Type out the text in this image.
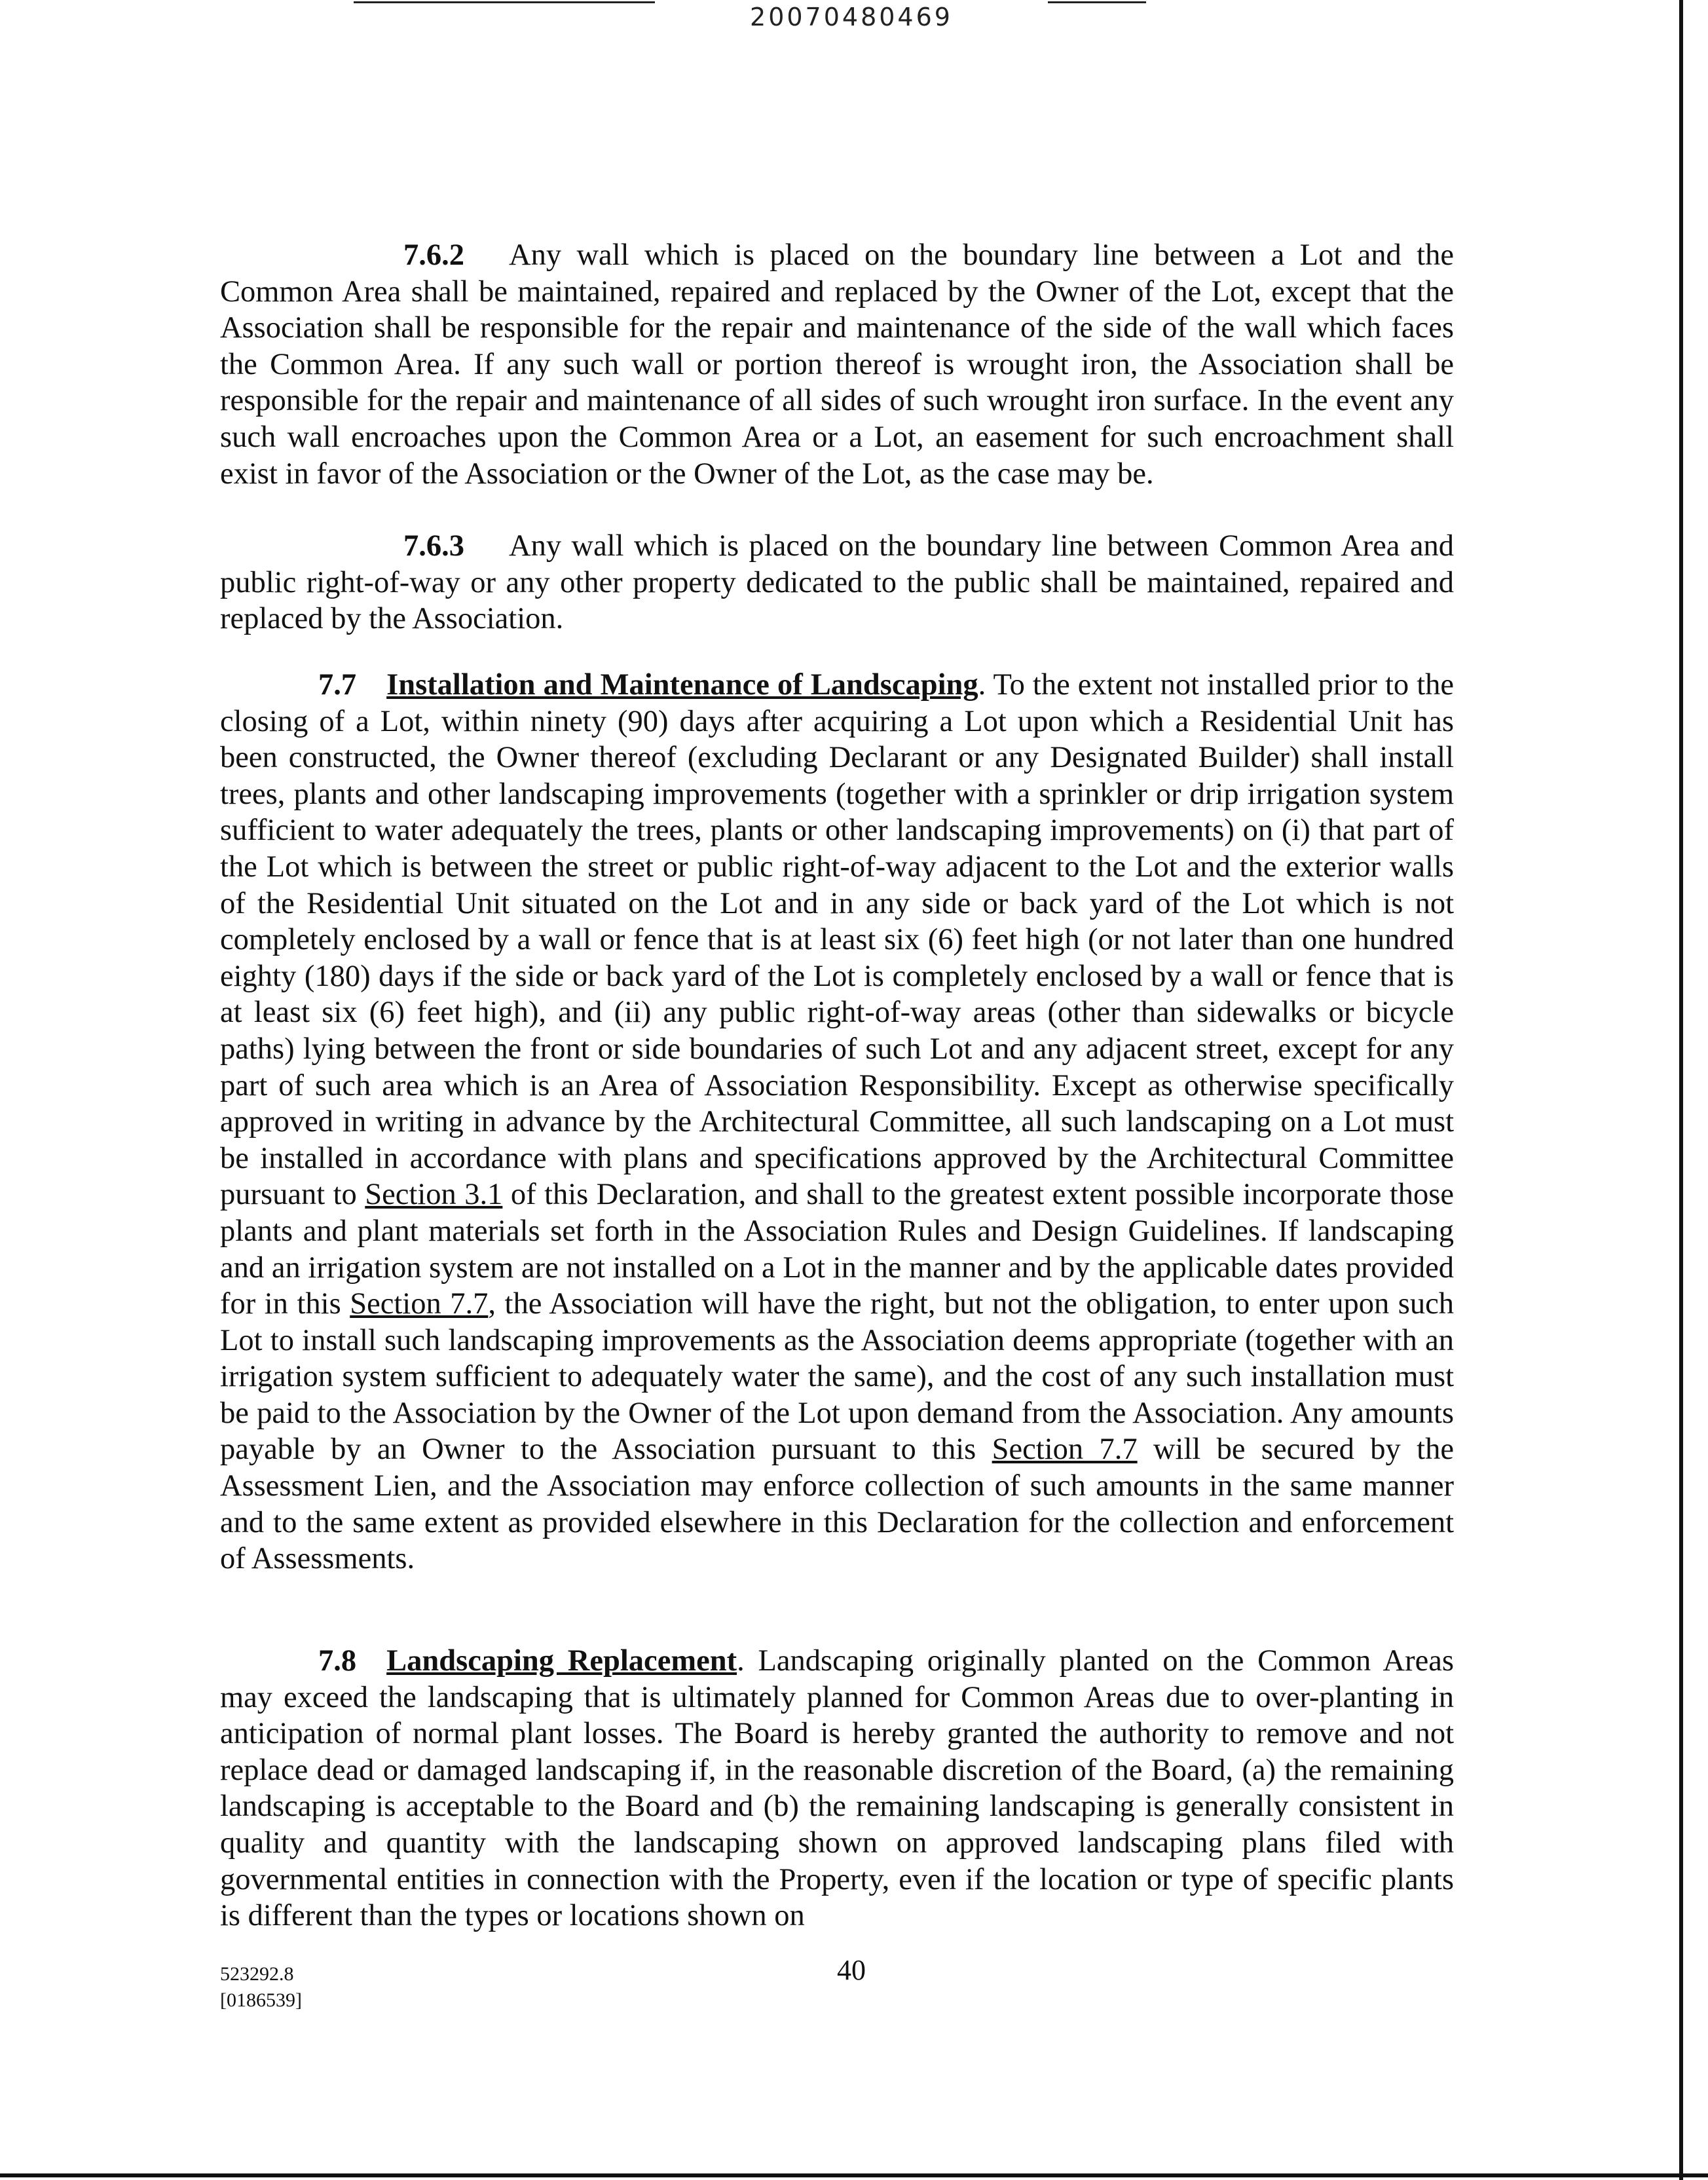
20070480469

7.6.2 Any wall which is placed on the boundary line between a Lot and the Common Area shall be maintained, repaired and replaced by the Owner of the Lot, except that the Association shall be responsible for the repair and maintenance of the side of the wall which faces the Common Area. If any such wall or portion thereof is wrought iron, the Association shall be responsible for the repair and maintenance of all sides of such wrought iron surface. In the event any such wall encroaches upon the Common Area or a Lot, an easement for such encroachment shall exist in favor of the Association or the Owner of the Lot, as the case may be.

7.6.3 Any wall which is placed on the boundary line between Common Area and public right-of-way or any other property dedicated to the public shall be maintained, repaired and replaced by the Association.

7.7 Installation and Maintenance of Landscaping. To the extent not installed prior to the closing of a Lot, within ninety (90) days after acquiring a Lot upon which a Residential Unit has been constructed, the Owner thereof (excluding Declarant or any Designated Builder) shall install trees, plants and other landscaping improvements (together with a sprinkler or drip irrigation system sufficient to water adequately the trees, plants or other landscaping improvements) on (i) that part of the Lot which is between the street or public right-of-way adjacent to the Lot and the exterior walls of the Residential Unit situated on the Lot and in any side or back yard of the Lot which is not completely enclosed by a wall or fence that is at least six (6) feet high (or not later than one hundred eighty (180) days if the side or back yard of the Lot is completely enclosed by a wall or fence that is at least six (6) feet high), and (ii) any public right-of-way areas (other than sidewalks or bicycle paths) lying between the front or side boundaries of such Lot and any adjacent street, except for any part of such area which is an Area of Association Responsibility. Except as otherwise specifically approved in writing in advance by the Architectural Committee, all such landscaping on a Lot must be installed in accordance with plans and specifications approved by the Architectural Committee pursuant to Section 3.1 of this Declaration, and shall to the greatest extent possible incorporate those plants and plant materials set forth in the Association Rules and Design Guidelines. If landscaping and an irrigation system are not installed on a Lot in the manner and by the applicable dates provided for in this Section 7.7, the Association will have the right, but not the obligation, to enter upon such Lot to install such landscaping improvements as the Association deems appropriate (together with an irrigation system sufficient to adequately water the same), and the cost of any such installation must be paid to the Association by the Owner of the Lot upon demand from the Association. Any amounts payable by an Owner to the Association pursuant to this Section 7.7 will be secured by the Assessment Lien, and the Association may enforce collection of such amounts in the same manner and to the same extent as provided elsewhere in this Declaration for the collection and enforcement of Assessments.

7.8 Landscaping Replacement. Landscaping originally planted on the Common Areas may exceed the landscaping that is ultimately planned for Common Areas due to over-planting in anticipation of normal plant losses. The Board is hereby granted the authority to remove and not replace dead or damaged landscaping if, in the reasonable discretion of the Board, (a) the remaining landscaping is acceptable to the Board and (b) the remaining landscaping is generally consistent in quality and quantity with the landscaping shown on approved landscaping plans filed with governmental entities in connection with the Property, even if the location or type of specific plants is different than the types or locations shown on

40
523292.8
[0186539]
